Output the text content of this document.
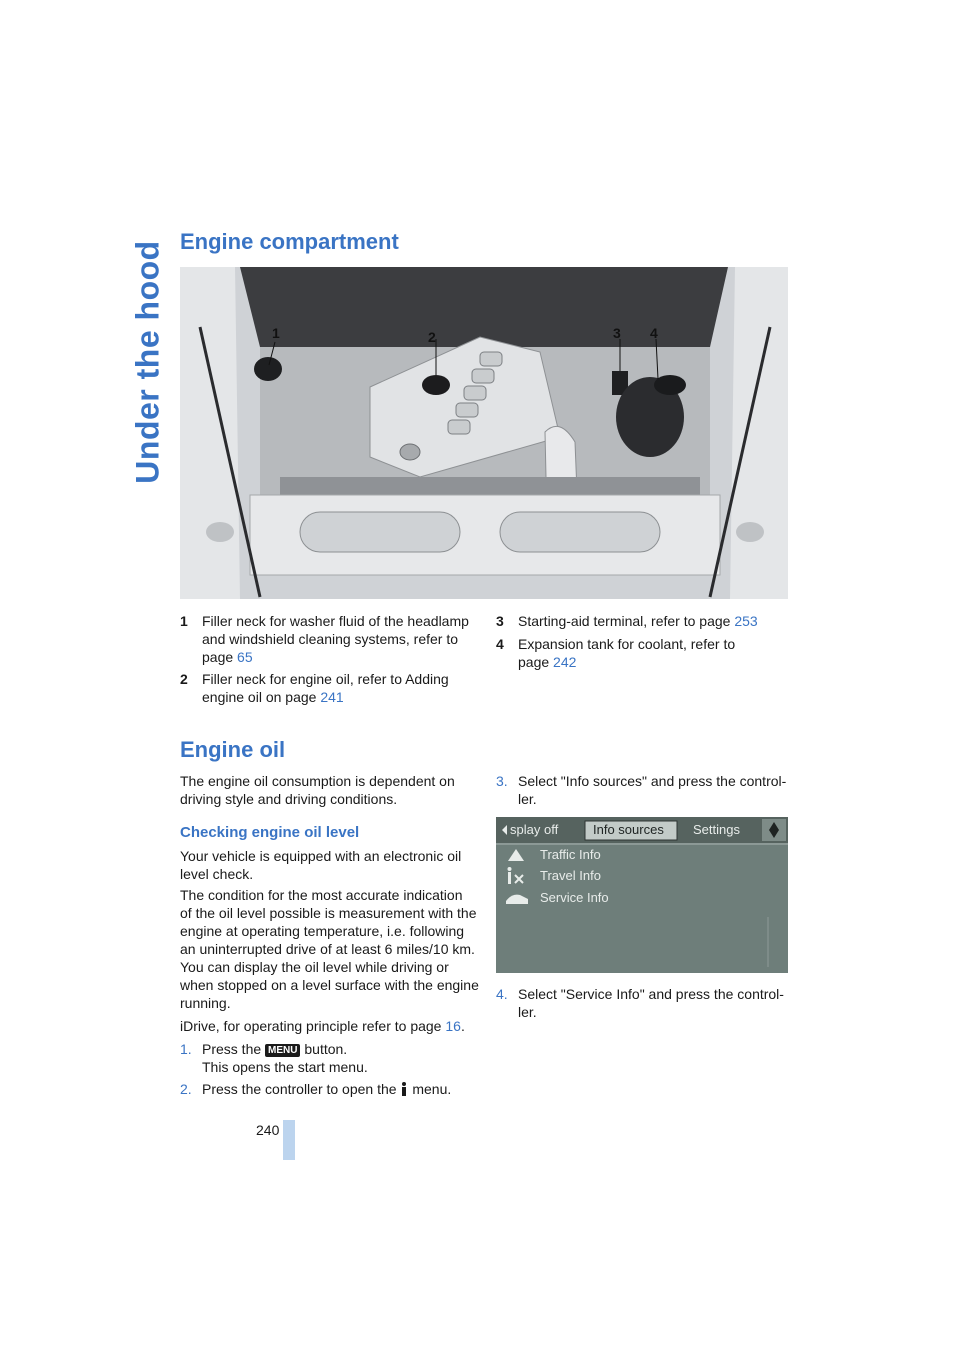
Under the hood Engine compartment
1	2	3 4
1 Filler neck for washer fluid of the headlamp
and windshield cleaning systems, refer to
page 65
2 Filler neck for engine oil, refer to Adding
engine oil on page 241
3 Starting-aid terminal, refer to page 253
4 Expansion tank for coolant, refer to
page 242
Engine oil
The engine oil consumption is dependent on
driving style and driving conditions.
Checking engine oil level
Your vehicle is equipped with an electronic oil
level check.
The condition for the most accurate indication
of the oil level possible is measurement with the
engine at operating temperature, i.e. following
an uninterrupted drive of at least 6 miles/10 km.
You can display the oil level while driving or
when stopped on a level surface with the engine
running.
iDrive, for operating principle refer to page 16.
1. Press the MENU button.
This opens the start menu.
2. Press the controller to open the  menu.
3. Select "Info sources" and press the control-
ler.
splay off	Info sources Settings
Traffic Info
Travel Info
Service Info
4. Select "Service Info" and press the control-
ler.
240
